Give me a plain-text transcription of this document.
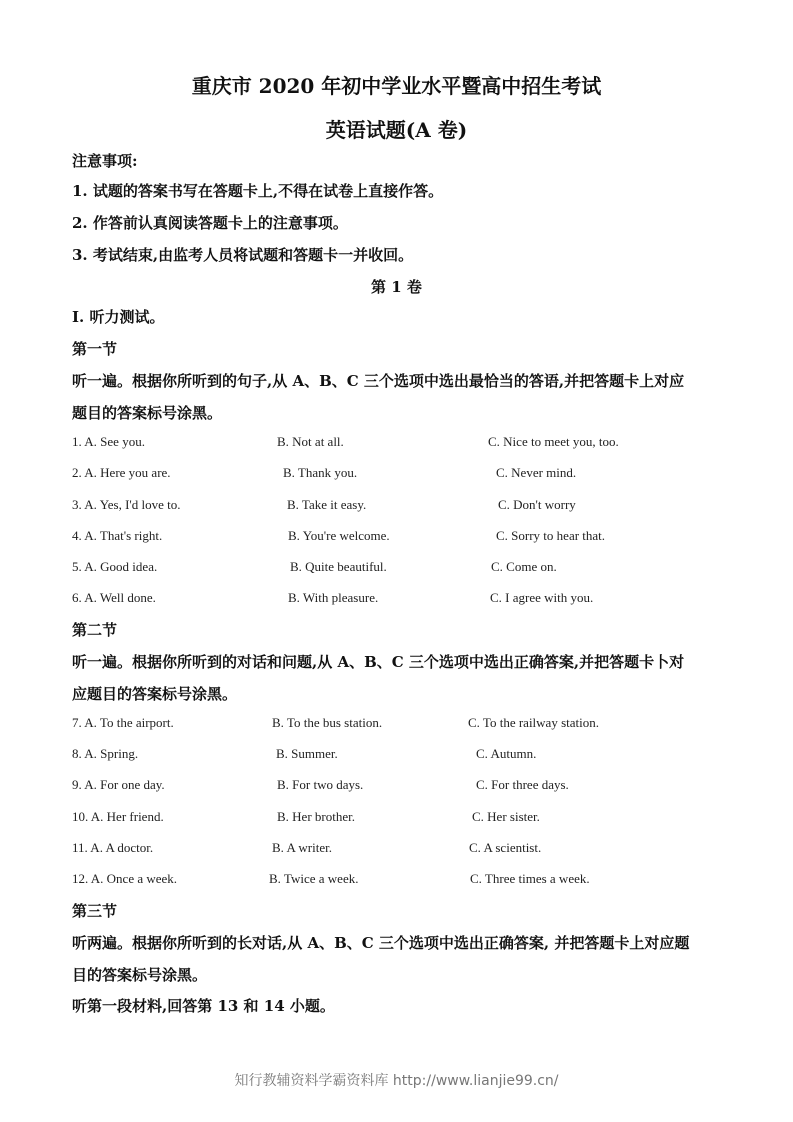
重庆市 2020 年初中学业水平暨高中招生考试
英语试题(A 卷)
注意事项:
1. 试题的答案书写在答题卡上,不得在试卷上直接作答。
2. 作答前认真阅读答题卡上的注意事项。
3. 考试结束,由监考人员将试题和答题卡一并收回。
第 1 卷
I. 听力测试。
第一节
听一遍。根据你所听到的句子,从 A、B、C 三个选项中选出最恰当的答语,并把答题卡上对应
题目的答案标号涂黑。
1. A. See you.	B. Not at all.	C. Nice to meet you, too.
2. A. Here you are.	B. Thank you.	C. Never mind.
3. A. Yes, I'd love to.	B. Take it easy.	C. Don't worry
4. A. That's right.	B. You're welcome.	C. Sorry to hear that.
5. A. Good idea.	B. Quite beautiful.	C. Come on.
6. A. Well done.	B. With pleasure.	C. I agree with you.
第二节
听一遍。根据你所听到的对话和问题,从 A、B、C 三个选项中选出正确答案,并把答题卡卜对
应题目的答案标号涂黑。
7. A. To the airport.	B. To the bus station.	C. To the railway station.
8. A. Spring.	B. Summer.	C. Autumn.
9. A. For one day.	B. For two days.	C. For three days.
10. A. Her friend.	B. Her brother.	C. Her sister.
11. A. A doctor.	B. A writer.	C. A scientist.
12. A. Once a week.	B. Twice a week.	C. Three times a week.
第三节
听两遍。根据你所听到的长对话,从 A、B、C 三个选项中选出正确答案, 并把答题卡上对应题
目的答案标号涂黑。
听第一段材料,回答第 13 和 14 小题。
知行教辅资料学霸资料库 http://www.lianjie99.cn/
